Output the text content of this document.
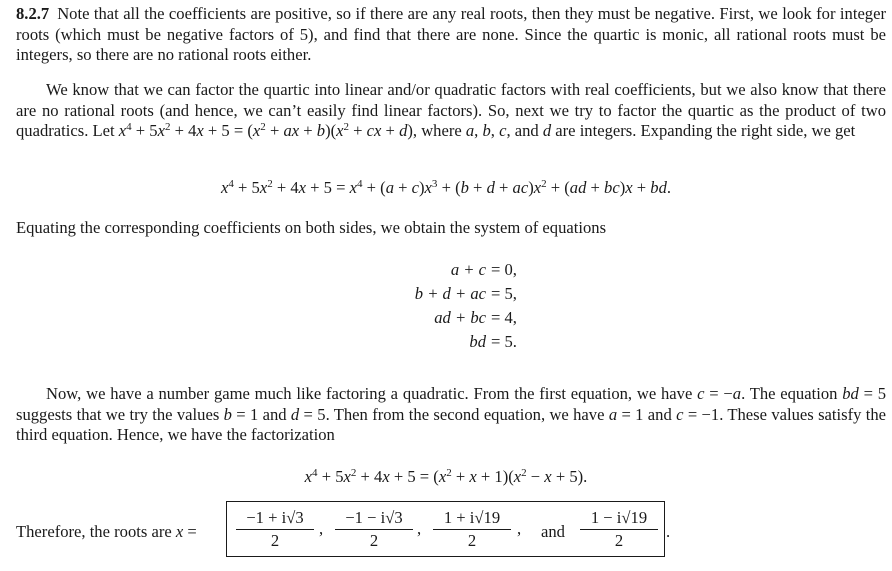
8.2.7 Note that all the coefficients are positive, so if there are any real roots, then they must be negative. First, we look for integer roots (which must be negative factors of 5), and find that there are none. Since the quartic is monic, all rational roots must be integers, so there are no rational roots either.

We know that we can factor the quartic into linear and/or quadratic factors with real coefficients, but we also know that there are no rational roots (and hence, we can’t easily find linear factors). So, next we try to factor the quartic as the product of two quadratics. Let $x^4 + 5x^2 + 4x + 5 = (x^2$ + ax + $b)(x^2$ + cx + d), where a, b, c, and d are integers. Expanding the right side, we get

$x^4 + 5x^2 + 4x + 5 = x^4 + (a + c)x^3 + (b + d + ac)x^2 + (ad + bc)x$ + bd.

Equating the corresponding coefficients on both sides, we obtain the system of equations

a + c = 0,
b + d + ac = 5,
ad + bc = 4,
bd = 5.

Now, we have a number game much like factoring a quadratic. From the first equation, we have c = −a. The equation bd = 5 suggests that we try the values b = 1 and d = 5. Then from the second equation, we have a = 1 and c = −1. These values satisfy the third equation. Hence, we have the factorization

$x^4 + 5x^2 + 4x + 5 = (x^2 + x + 1)(x^2 - x + 5)$.
Therefore, the roots are x =
−1 + i√3
2
,
−1 − i√3
2
,
1 + i√19
2
, and
1 − i√19
2	.
